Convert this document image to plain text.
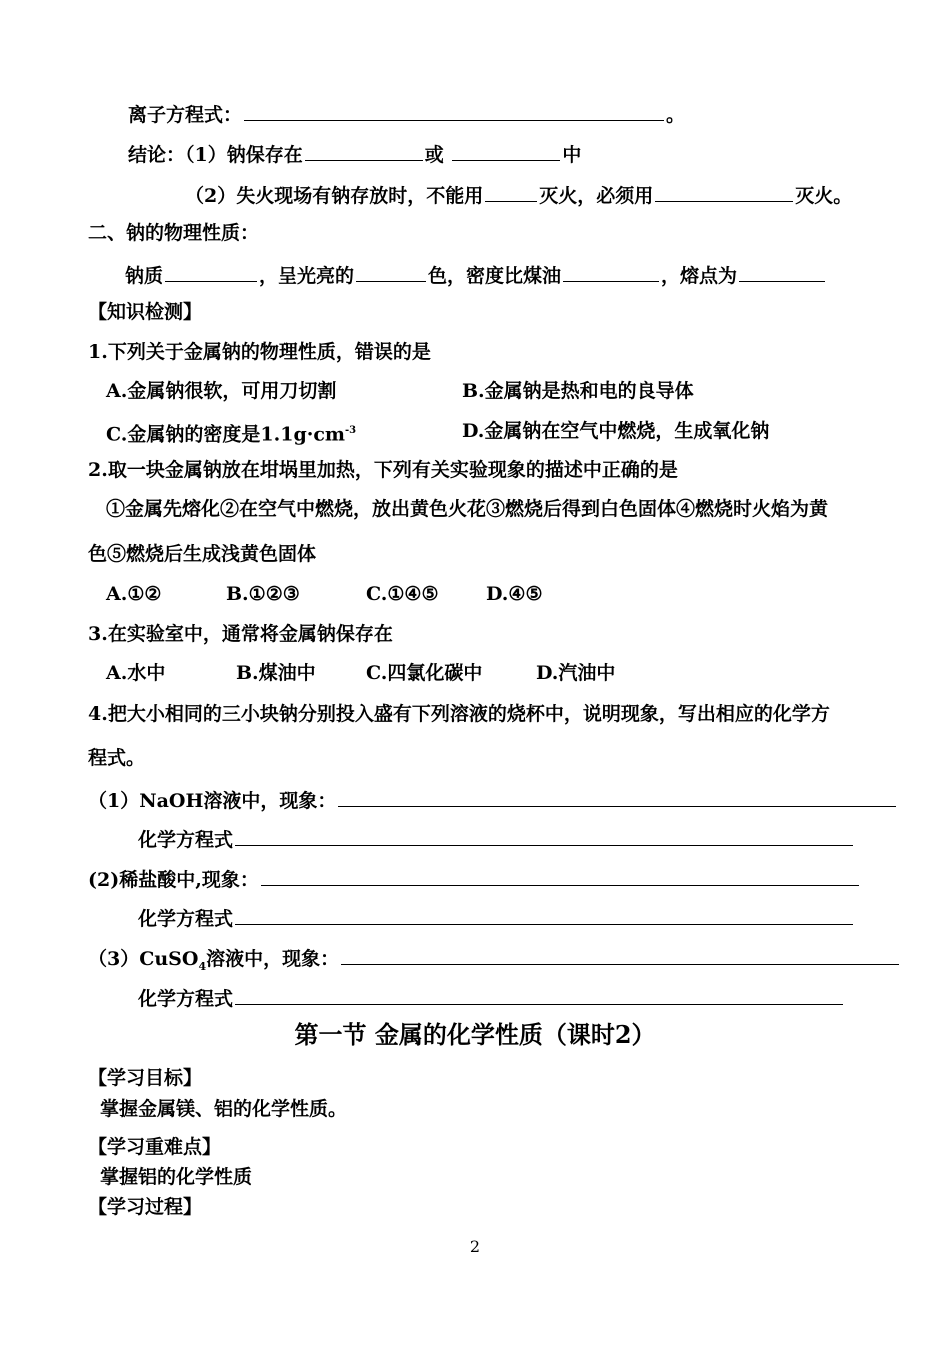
离子方程式：	。
结论：（1）钠保存在	或	中
（2）失火现场有钠存放时，不能用	灭火，必须用	灭火。
二、钠的物理性质：
钠质	，呈光亮的	色，密度比煤油	，熔点为
【知识检测】
1.下列关于金属钠的物理性质，错误的是
A.金属钠很软，可用刀切割	B.金属钠是热和电的良导体
C.金属钠的密度是$1.1g\cdot cm^{-3}$	D.金属钠在空气中燃烧，生成氧化钠
2.取一块金属钠放在坩埚里加热，下列有关实验现象的描述中正确的是
①金属先熔化②在空气中燃烧，放出黄色火花③燃烧后得到白色固体④燃烧时火焰为黄
色⑤燃烧后生成浅黄色固体
A.①②	B.①②③	C.①④⑤ D.④⑤
3.在实验室中，通常将金属钠保存在
A.水中	B.煤油中	C.四氯化碳中	D.汽油中
4.把大小相同的三小块钠分别投入盛有下列溶液的烧杯中，说明现象，写出相应的化学方
程式。
（1）NaOH溶液中，现象：
化学方程式
(2)稀盐酸中,现象：
化学方程式
（3）CuSO$_4$溶液中，现象：
化学方程式
第一节 金属的化学性质（课时2）
【学习目标】
掌握金属镁、铝的化学性质。
【学习重难点】
掌握铝的化学性质
【学习过程】
2
